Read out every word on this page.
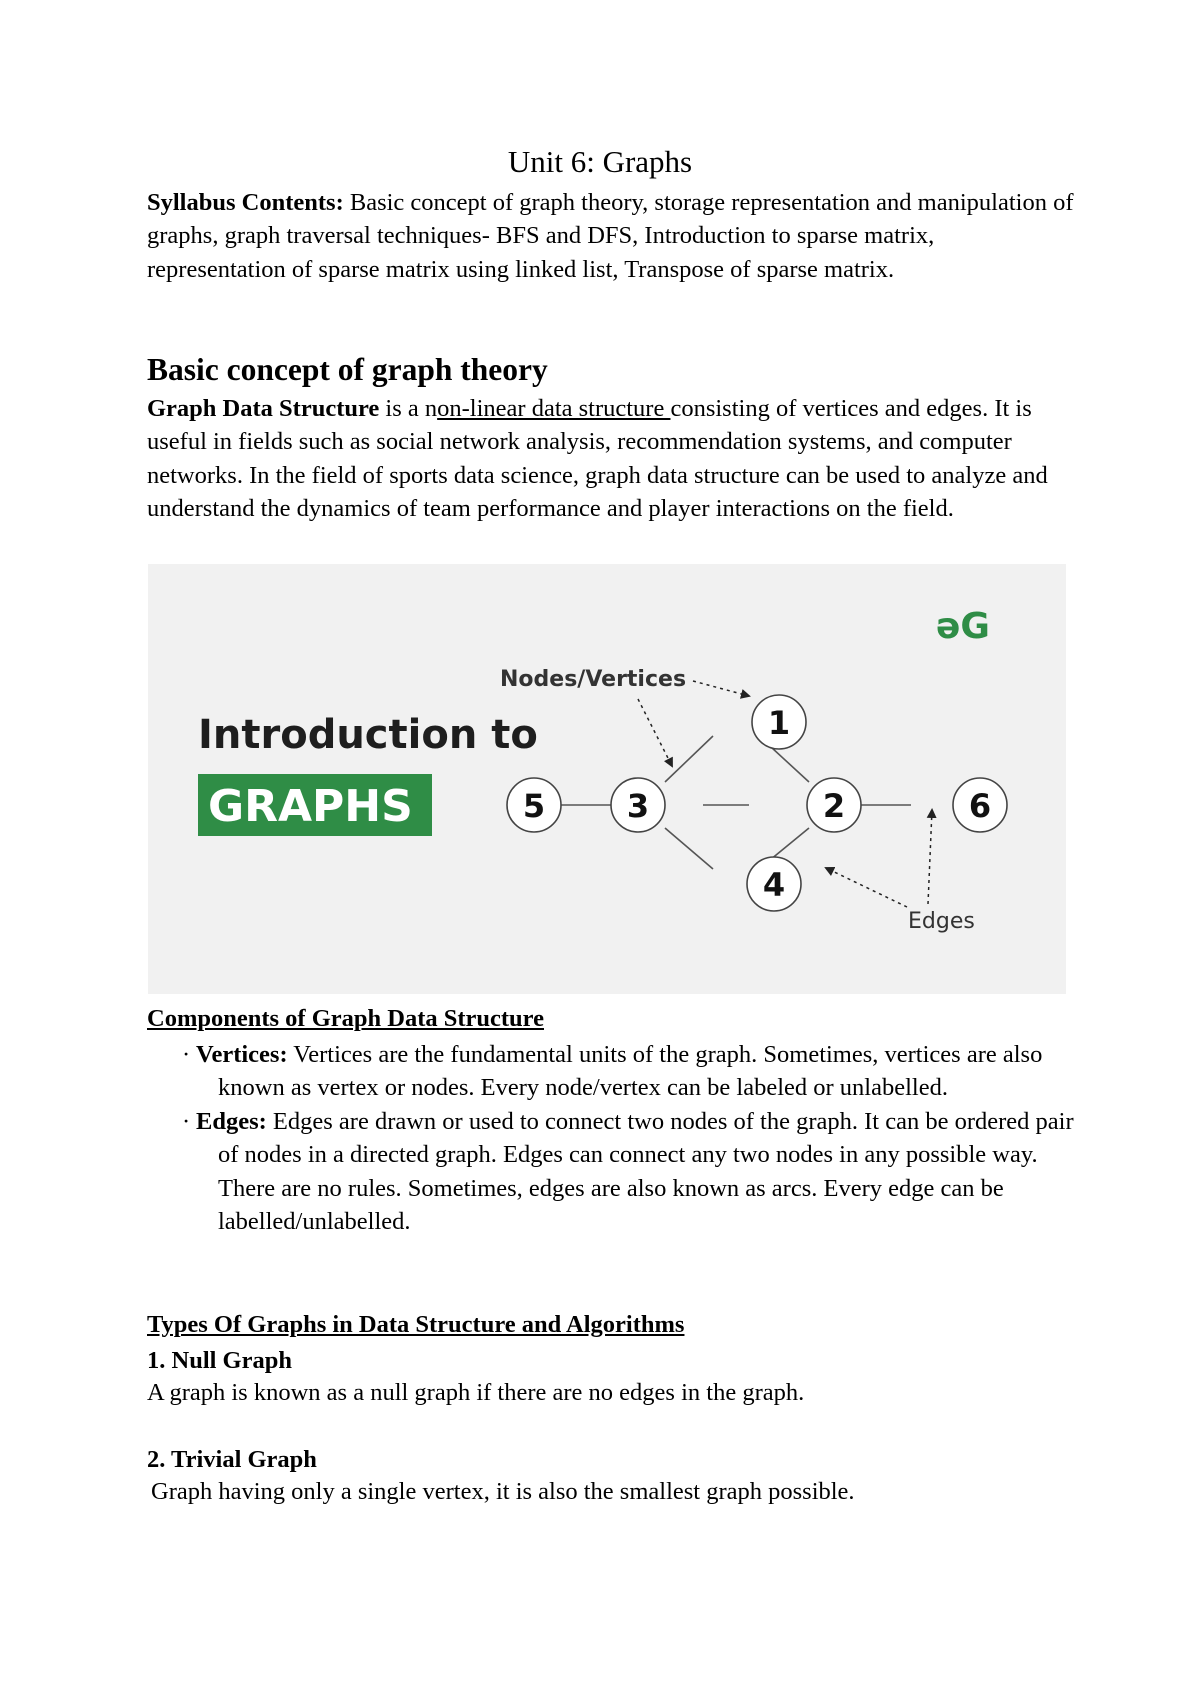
Unit 6: Graphs

Syllabus Contents: Basic concept of graph theory, storage representation and manipulation of graphs, graph traversal techniques- BFS and DFS, Introduction to sparse matrix, representation of sparse matrix using linked list, Transpose of sparse matrix.

Basic concept of graph theory

Graph Data Structure is a non-linear data structure consisting of vertices and edges. It is useful in fields such as social network analysis, recommendation systems, and computer networks. In the field of sports data science, graph data structure can be used to analyze and understand the dynamics of team performance and player interactions on the field.

əG
Introduction to
GRAPHS
1
2
3
4
5	6
Nodes/Vertices
Edges
Components of Graph Data Structure
· Vertices: Vertices are the fundamental units of the graph. Sometimes, vertices are also known as vertex or nodes. Every node/vertex can be labeled or unlabelled.
· Edges: Edges are drawn or used to connect two nodes of the graph. It can be ordered pair of nodes in a directed graph. Edges can connect any two nodes in any possible way. There are no rules. Sometimes, edges are also known as arcs. Every edge can be labelled/unlabelled.
Types Of Graphs in Data Structure and Algorithms

1. Null Graph

A graph is known as a null graph if there are no edges in the graph.

2. Trivial Graph

Graph having only a single vertex, it is also the smallest graph possible.
